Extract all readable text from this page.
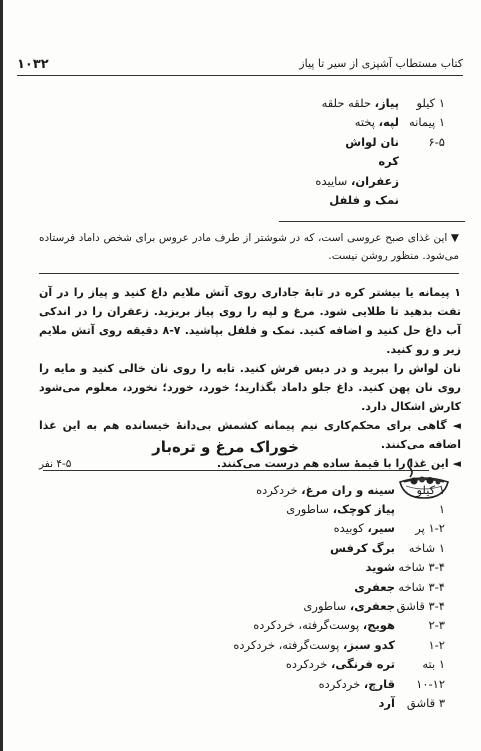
۱۰۳۲	کتاب مستطاب آشپزی از سیر تا پیاز
۱ کیلو
پیاز، حلقه حلقه
۱ پیمانه
لپه، پخته
۶-۵
نان لواش
کره
زعفران، ساییده
نمک و فلفل
▼ این غذای صبح عروسی است، که در شوشتر از طرف مادر عروس برای شخص داماد فرستاده می‌شود. منظور روشن نیست.

۱ پیمانه یا بیشتر کره در تابهٔ جاداری روی آتش ملایم داغ کنید و پیاز را در آن تفت بدهید تا طلایی شود. مرغ و لپه را روی پیاز بریزید. زعفران را در اندکی آب داغ حل کنید و اضافه کنید. نمک و فلفل بپاشید. ۷-۸ دقیقه روی آتش ملایم زیر و رو کنید.

نان لواش را ببرید و در دیس فرش کنید. تابه را روی نان خالی کنید و مایه را روی نان پهن کنید. داغ جلو داماد بگذارید؛ خورد، خورد؛ نخورد، معلوم می‌شود کارش اشکال دارد.

◄ گاهی برای محکم‌کاری نیم پیمانه کشمش بی‌دانهٔ خیسانده هم به این غذا اضافه می‌کنند.

◄ این غذا را با قیمهٔ ساده هم درست می‌کنند.

خوراک مرغ و تره‌بار
۴-۵ نفر
۱ کیلو
سینه و ران مرغ، خردکرده
۱
پیاز کوچک، ساطوری
۱-۲ پر
سیر، کوبیده
۱ شاخه
برگ کرفس
۳-۴ شاخه
شوید
۳-۴ شاخه
جعفری
۳-۴ قاشق
جعفری، ساطوری
۲-۳
هویج، پوست‌گرفته، خردکرده
۱-۲
کدو سبز، پوست‌گرفته، خردکرده
۱ بته
تره فرنگی، خردکرده
۱۰-۱۲
قارچ، خردکرده
۳ قاشق
آرد
